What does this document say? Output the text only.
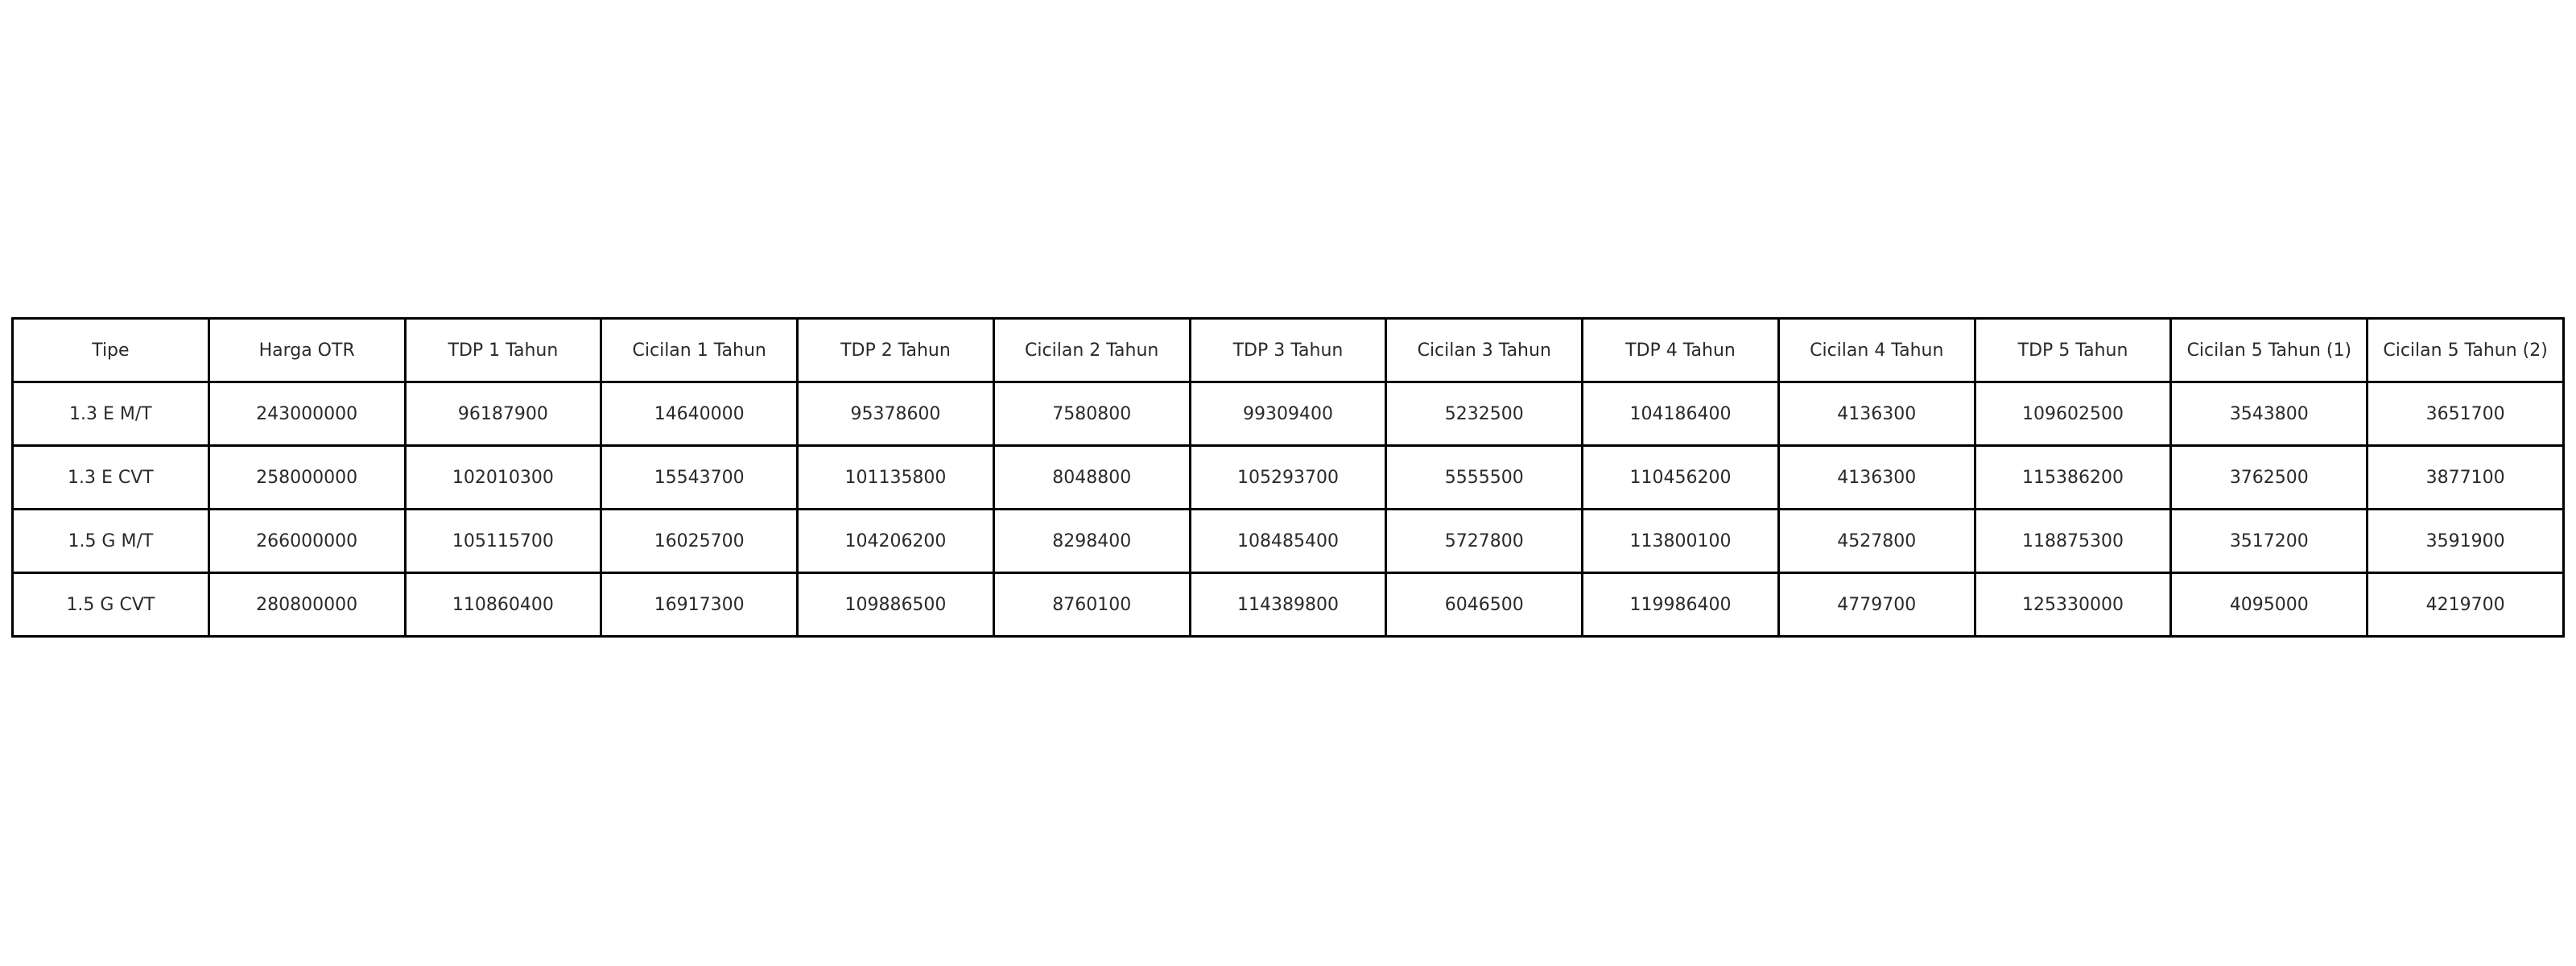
Tipe	Harga OTR	TDP 1 Tahun	Cicilan 1 Tahun	TDP 2 Tahun	Cicilan 2 Tahun	TDP 3 Tahun	Cicilan 3 Tahun	TDP 4 Tahun	Cicilan 4 Tahun	TDP 5 Tahun	Cicilan 5 Tahun (1)	Cicilan 5 Tahun (2)
1.3 E M/T	243000000	96187900	14640000	95378600	7580800	99309400	5232500	104186400	4136300	109602500	3543800	3651700
1.3 E CVT	258000000	102010300	15543700	101135800	8048800	105293700	5555500	110456200	4136300	115386200	3762500	3877100
1.5 G M/T	266000000	105115700	16025700	104206200	8298400	108485400	5727800	113800100	4527800	118875300	3517200	3591900
1.5 G CVT	280800000	110860400	16917300	109886500	8760100	114389800	6046500	119986400	4779700	125330000	4095000	4219700
